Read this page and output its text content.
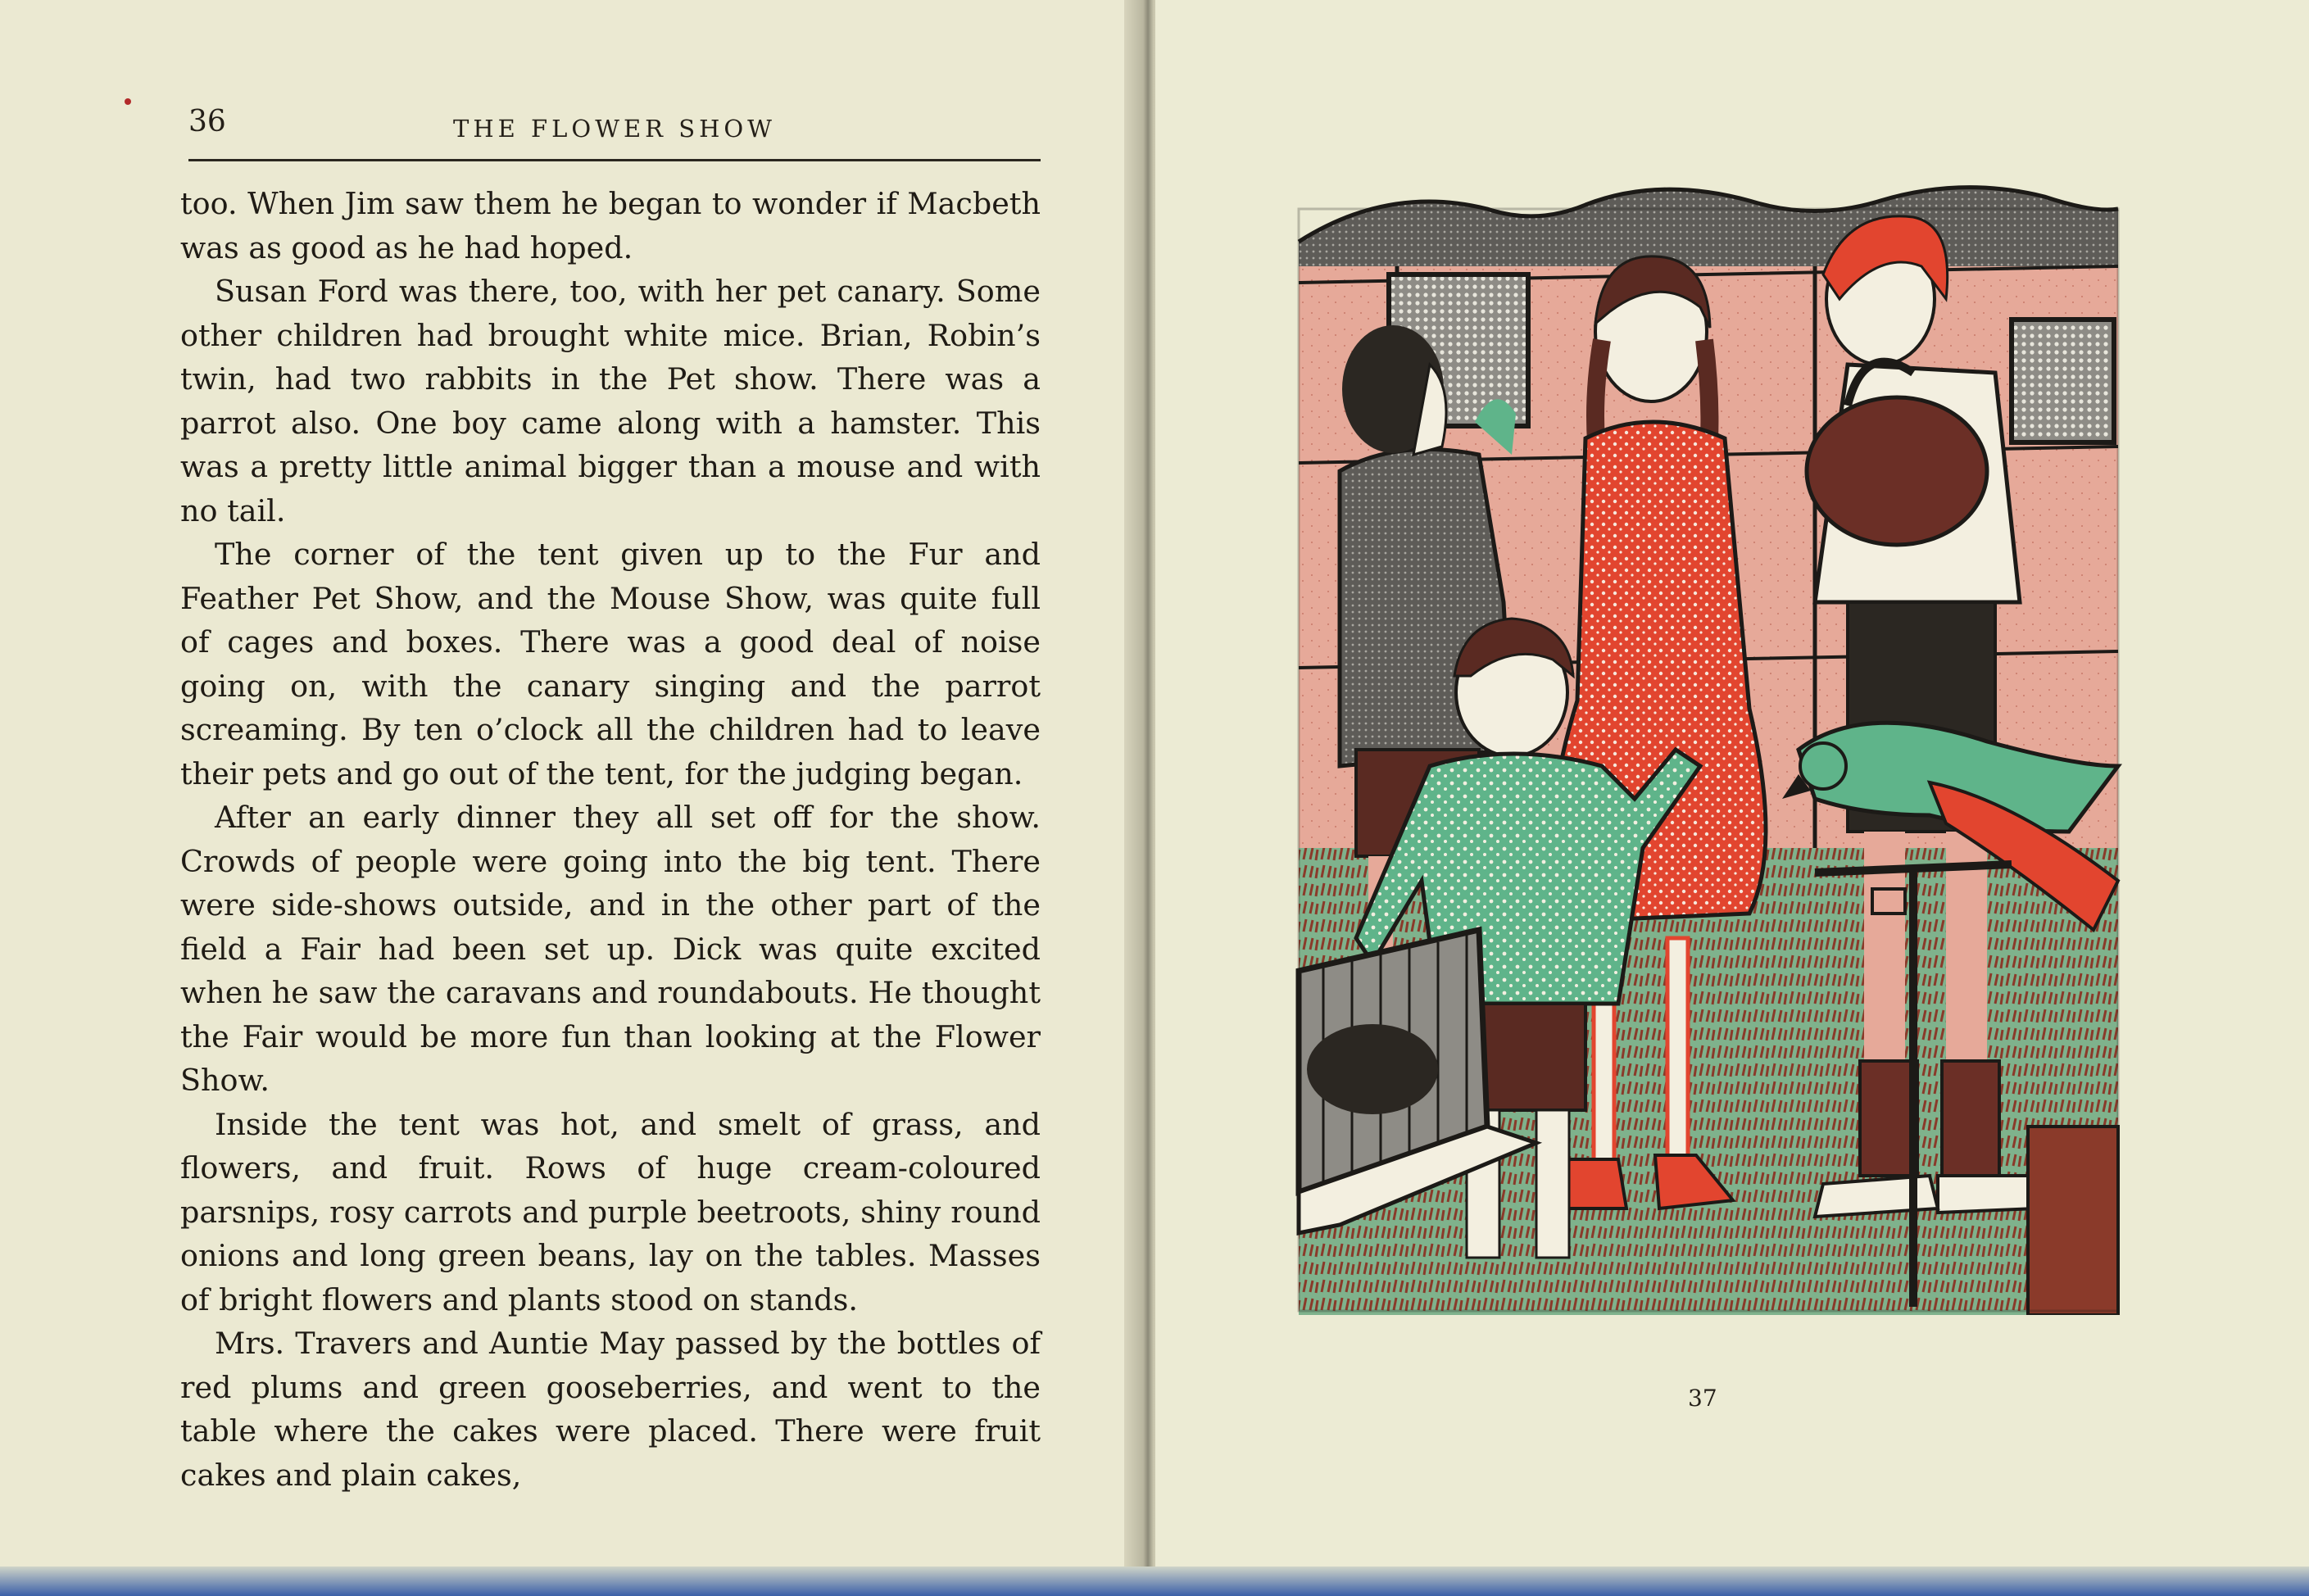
36	THE FLOWER SHOW

too. When Jim saw them he began to wonder if Macbeth was as good as he had hoped.

Susan Ford was there, too, with her pet canary. Some other children had brought white mice. Brian, Robin’s twin, had two rabbits in the Pet show. There was a parrot also. One boy came along with a hamster. This was a pretty little animal bigger than a mouse and with no tail.

The corner of the tent given up to the Fur and Feather Pet Show, and the Mouse Show, was quite full of cages and boxes. There was a good deal of noise going on, with the canary singing and the parrot screaming. By ten o’clock all the children had to leave their pets and go out of the tent, for the judging began.

After an early dinner they all set off for the show. Crowds of people were going into the big tent. There were side-shows outside, and in the other part of the field a Fair had been set up. Dick was quite excited when he saw the caravans and roundabouts. He thought the Fair would be more fun than looking at the Flower Show.

Inside the tent was hot, and smelt of grass, and flowers, and fruit. Rows of huge cream-coloured parsnips, rosy carrots and purple beetroots, shiny round onions and long green beans, lay on the tables. Masses of bright flowers and plants stood on stands.

Mrs. Travers and Auntie May passed by the bottles of red plums and green gooseberries, and went to the table where the cakes were placed. There were fruit cakes and plain cakes,

37
